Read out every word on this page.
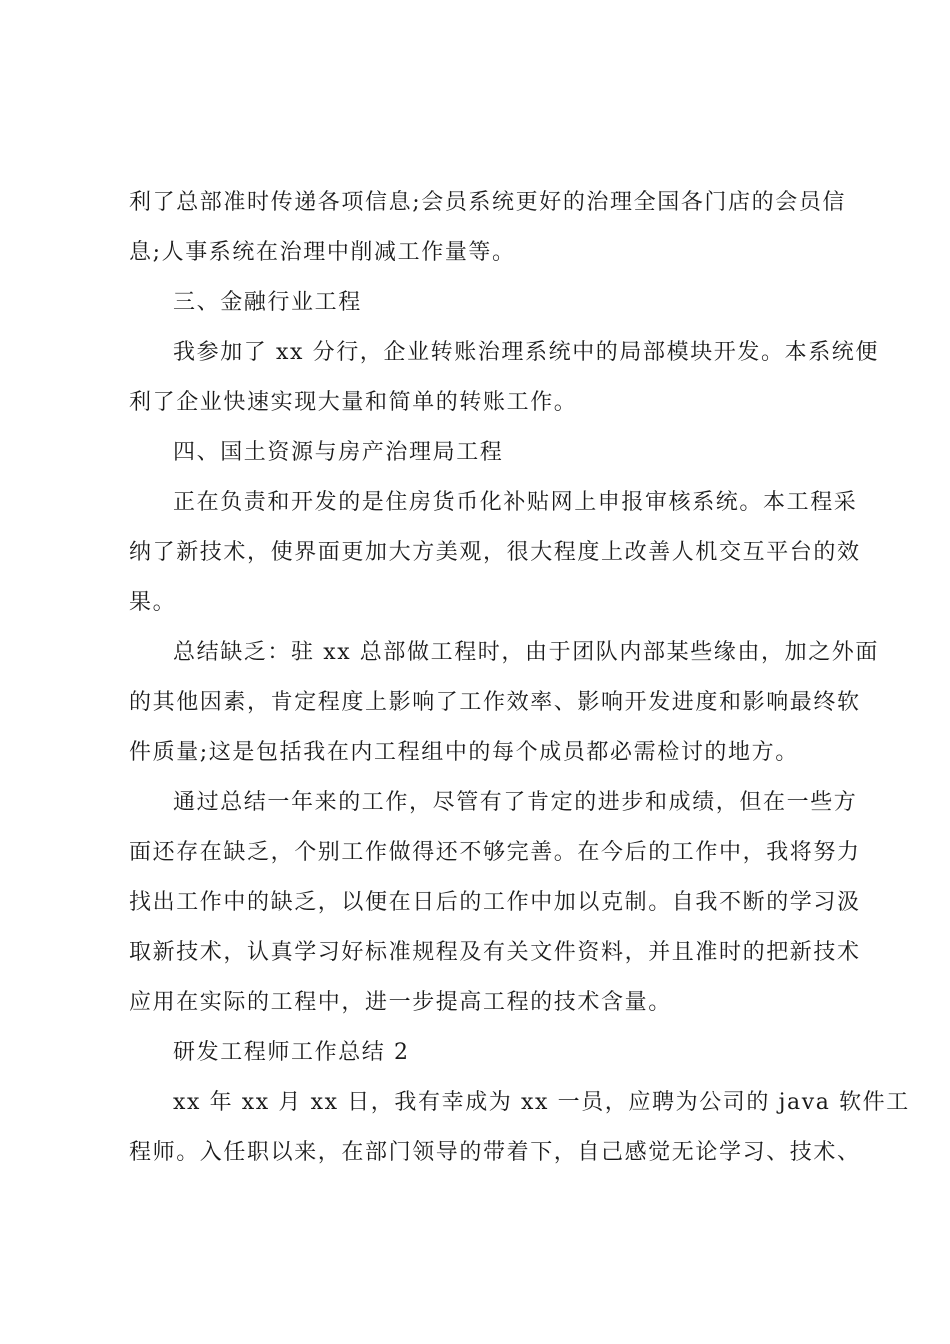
利了总部准时传递各项信息;会员系统更好的治理全国各门店的会员信
息;人事系统在治理中削减工作量等。

三、金融行业工程

我参加了 xx 分行，企业转账治理系统中的局部模块开发。本系统便

利了企业快速实现大量和简单的转账工作。

四、国土资源与房产治理局工程

正在负责和开发的是住房货币化补贴网上申报审核系统。本工程采

纳了新技术，使界面更加大方美观，很大程度上改善人机交互平台的效
果。

总结缺乏：驻 xx 总部做工程时，由于团队内部某些缘由，加之外面

的其他因素，肯定程度上影响了工作效率、影响开发进度和影响最终软
件质量;这是包括我在内工程组中的每个成员都必需检讨的地方。

通过总结一年来的工作，尽管有了肯定的进步和成绩，但在一些方

面还存在缺乏，个别工作做得还不够完善。在今后的工作中，我将努力
找出工作中的缺乏，以便在日后的工作中加以克制。自我不断的学习汲
取新技术，认真学习好标准规程及有关文件资料，并且准时的把新技术
应用在实际的工程中，进一步提高工程的技术含量。

研发工程师工作总结 2

xx 年 xx 月 xx 日，我有幸成为 xx 一员，应聘为公司的 java 软件工

程师。入任职以来，在部门领导的带着下，自己感觉无论学习、技术、
